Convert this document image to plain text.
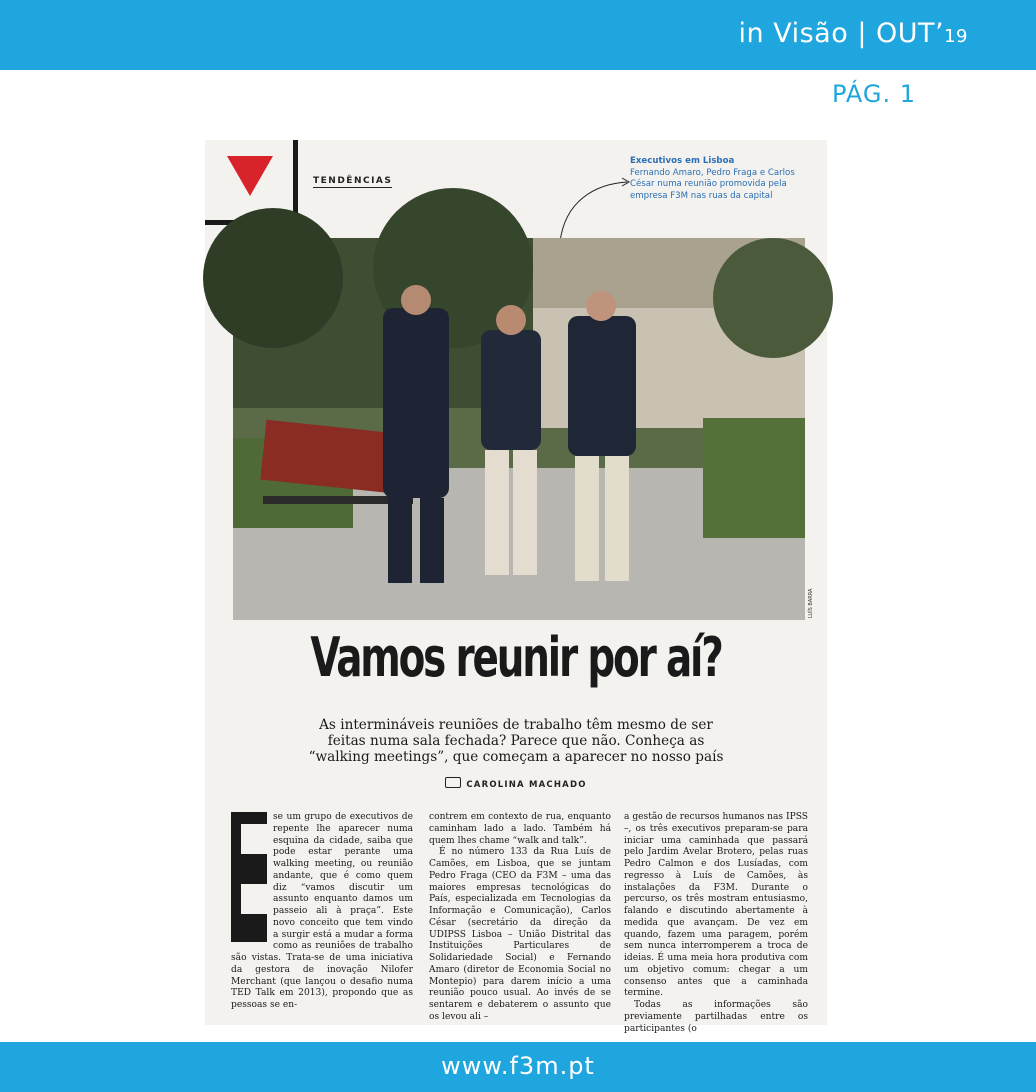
in Visão | OUT’19
PÁG. 1
TENDÊNCIAS
Executivos em Lisboa
Fernando Amaro, Pedro Fraga e Carlos César numa reunião promovida pela empresa F3M nas ruas da capital
LUÍS BARRA
Vamos reunir por aí?
As intermináveis reuniões de trabalho têm mesmo de ser feitas numa sala fechada? Parece que não. Conheça as “walking meetings”, que começam a aparecer no nosso país
CAROLINA MACHADO

se um grupo de executivos de repente lhe aparecer numa esquina da cidade, saiba que pode estar perante uma walking meeting, ou reunião andante, que é como quem diz “vamos discutir um assunto enquanto damos um passeio ali à praça”. Este novo conceito que tem vindo a surgir está a mudar a forma como as reuniões de trabalho são vistas. Trata-se de uma iniciativa da gestora de inovação Nilofer Merchant (que lançou o desafio numa TED Talk em 2013), propondo que as pessoas se en-

contrem em contexto de rua, enquanto caminham lado a lado. Também há quem lhes chame “walk and talk”.

É no número 133 da Rua Luís de Camões, em Lisboa, que se juntam Pedro Fraga (CEO da F3M – uma das maiores empresas tecnológicas do País, especializada em Tecnologias da Informação e Comunicação), Carlos César (secretário da direção da UDIPSS Lisboa – União Distrital das Instituições Particulares de Solidariedade Social) e Fernando Amaro (diretor de Economia Social no Montepio) para darem início a uma reunião pouco usual. Ao invés de se sentarem e debaterem o assunto que os levou ali –

a gestão de recursos humanos nas IPSS –, os três executivos preparam-se para iniciar uma caminhada que passará pelo Jardim Avelar Brotero, pelas ruas Pedro Calmon e dos Lusíadas, com regresso à Luís de Camões, às instalações da F3M. Durante o percurso, os três mostram entusiasmo, falando e discutindo abertamente à medida que avançam. De vez em quando, fazem uma paragem, porém sem nunca interromperem a troca de ideias. É uma meia hora produtiva com um objetivo comum: chegar a um consenso antes que a caminhada termine.

Todas as informações são previamente partilhadas entre os participantes (o

www.f3m.pt
